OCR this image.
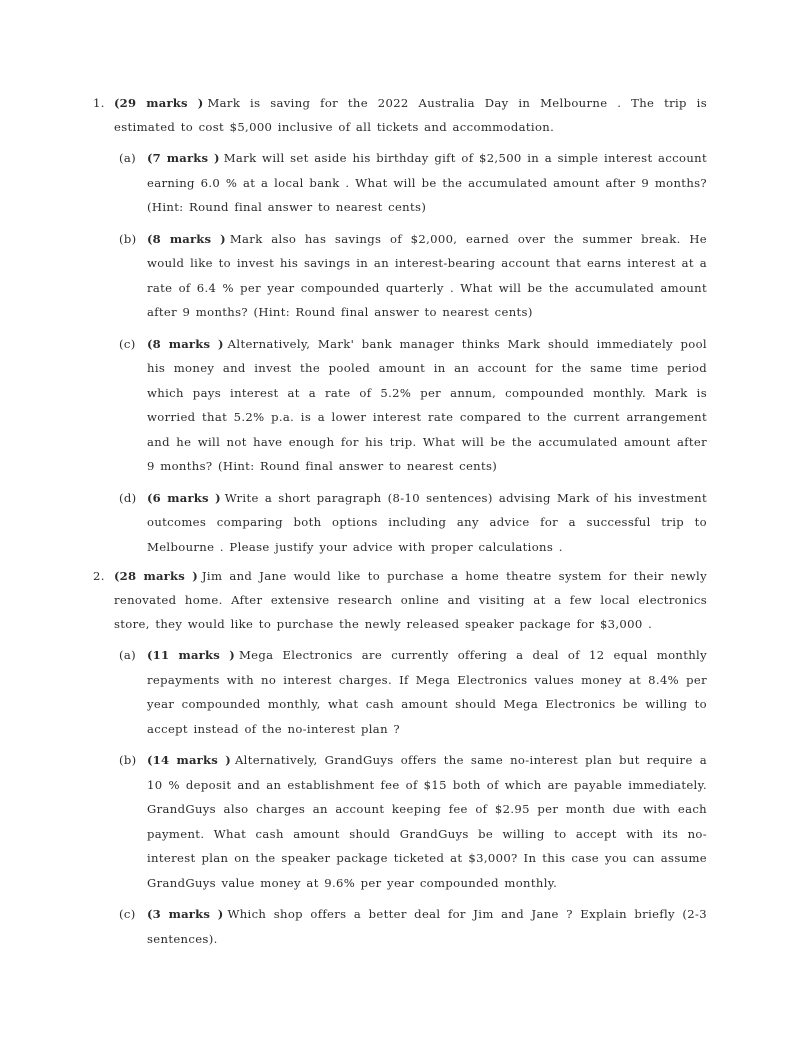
1. (29 marks ) Mark is saving for the 2022 Australia Day in Melbourne . The trip is estimated to cost $5,000 inclusive of all tickets and accommodation.
(a) (7 marks ) Mark will set aside his birthday gift of $2,500 in a simple interest account earning 6.0 % at a local bank . What will be the accumulated amount after 9 months? (Hint: Round final answer to nearest cents)
(b) (8 marks ) Mark also has savings of $2,000, earned over the summer break. He would like to invest his savings in an interest-bearing account that earns interest at a rate of 6.4 % per year compounded quarterly . What will be the accumulated amount after 9 months? (Hint: Round final answer to nearest cents)
(c) (8 marks ) Alternatively, Mark' bank manager thinks Mark should immediately pool his money and invest the pooled amount in an account for the same time period which pays interest at a rate of 5.2% per annum, compounded monthly. Mark is worried that 5.2% p.a. is a lower interest rate compared to the current arrangement and he will not have enough for his trip. What will be the accumulated amount after 9 months? (Hint: Round final answer to nearest cents)
(d) (6 marks ) Write a short paragraph (8-10 sentences) advising Mark of his investment outcomes comparing both options including any advice for a successful trip to Melbourne . Please justify your advice with proper calculations .
2. (28 marks ) Jim and Jane would like to purchase a home theatre system for their newly renovated home. After extensive research online and visiting at a few local electronics store, they would like to purchase the newly released speaker package for $3,000 .
(a) (11 marks ) Mega Electronics are currently offering a deal of 12 equal monthly repayments with no interest charges. If Mega Electronics values money at 8.4% per year compounded monthly, what cash amount should Mega Electronics be willing to accept instead of the no-interest plan ?
(b) (14 marks ) Alternatively, GrandGuys offers the same no-interest plan but require a 10 % deposit and an establishment fee of $15 both of which are payable immediately. GrandGuys also charges an account keeping fee of $2.95 per month due with each payment. What cash amount should GrandGuys be willing to accept with its no-interest plan on the speaker package ticketed at $3,000? In this case you can assume GrandGuys value money at 9.6% per year compounded monthly.
(c) (3 marks ) Which shop offers a better deal for Jim and Jane ? Explain briefly (2-3 sentences).
